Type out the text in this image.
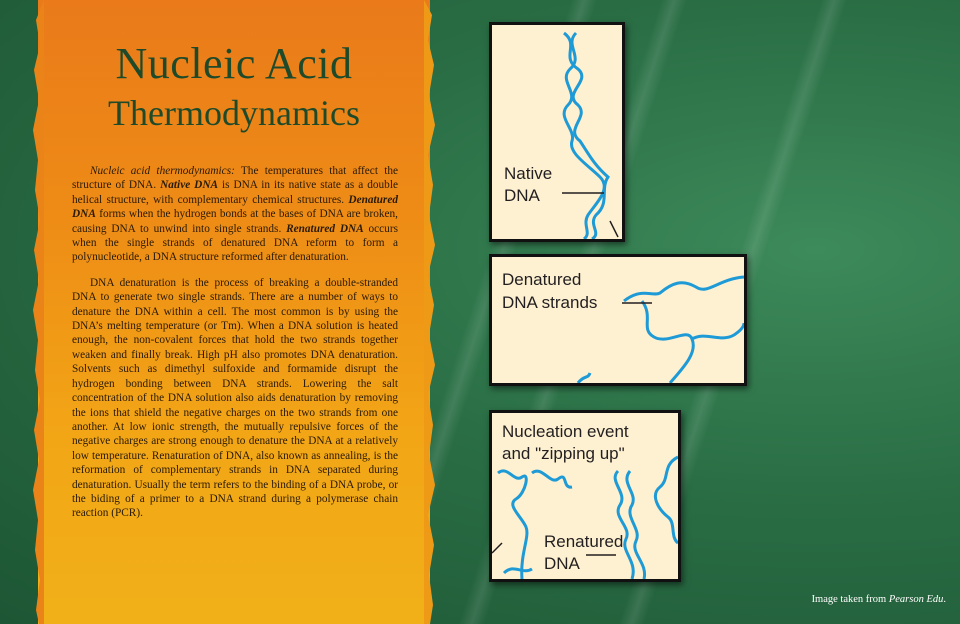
Nucleic Acid
Thermodynamics

Nucleic acid thermodynamics: The temperatures that affect the structure of DNA. Native DNA is DNA in its native state as a double helical structure, with complementary chemical structures. Denatured DNA forms when the hydrogen bonds at the bases of DNA are broken, causing DNA to unwind into single strands. Renatured DNA occurs when the single strands of denatured DNA reform to form a polynucleotide, a DNA structure reformed after denaturation.

DNA denaturation is the process of breaking a double-stranded DNA to generate two single strands. There are a number of ways to denature the DNA within a cell. The most common is by using the DNA’s melting temperature (or Tm). When a DNA solution is heated enough, the non-covalent forces that hold the two strands together weaken and finally break. High pH also promotes DNA denaturation. Solvents such as dimethyl sulfoxide and formamide disrupt the hydrogen bonding between DNA strands. Lowering the salt concentration of the DNA solution also aids denaturation by removing the ions that shield the negative charges on the two strands from one another. At low ionic strength, the mutually repulsive forces of the negative charges are strong enough to denature the DNA at a relatively low temperature. Renaturation of DNA, also known as annealing, is the reformation of complementary strands in DNA separated during denaturation. Usually the term refers to the binding of a DNA probe, or the biding of a primer to a DNA strand during a polymerase chain reaction (PCR).

Native
DNA
Denatured
DNA strands
Nucleation event
and "zipping up"
Renatured
DNA
Image taken from Pearson Edu.
